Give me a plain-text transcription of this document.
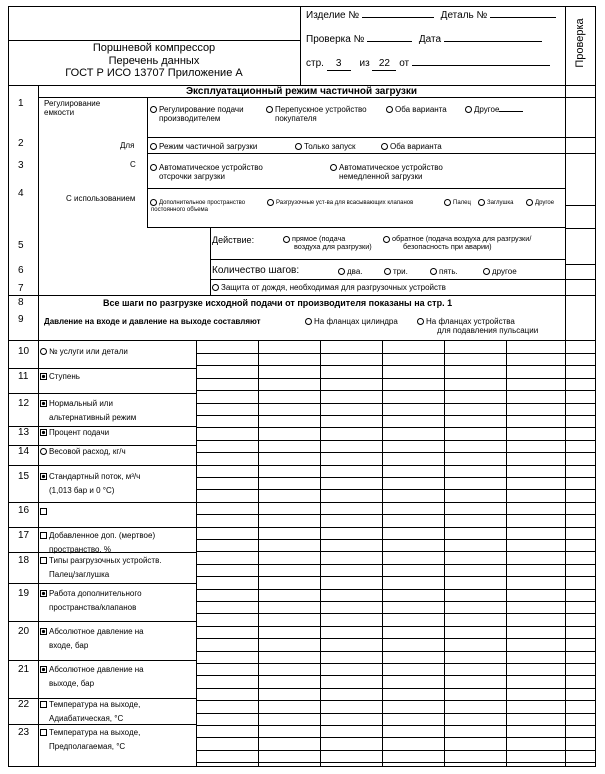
Поршневой компрессор
Перечень данных
ГОСТ Р ИСО 13707 Приложение А
Изделие №	Деталь №
Проверка №	Дата
стр. 3 из 22 от	Проверка
Эксплуатационный режим частичной загрузки
1	Регулирование
емкости	Регулирование подачи
производителем
Перепускное устройство
покупателя
Оба варианта	Другое
2	Для	Режим частичной загрузки	Только запуск	Оба варианта
3	С	Автоматическое устройство
отсрочки загрузки
Автоматическое устройство
немедленной загрузки
4	С использованием
Дополнительное пространство
постоянного объема
Разгрузочные уст-ва для всасывающих клапанов	Палец	Заглушка	Другое
5	Действие:	прямое (подача
воздуха для разгрузки)
обратное (подача воздуха для разгрузки/
безопасность при аварии)
6	Количество шагов:	два.	три.	пять.	другое
7	Защита от дождя, необходимая для разгрузочных устройств
8	Все шаги по разгрузке исходной подачи от производителя показаны на стр. 1
9	Давление на входе и давление на выходе составляют	На фланцах цилиндра	На фланцах устройства
для подавления пульсации
10	№ услуги или детали
11	Ступень
12	Нормальный или
альтернативный режим
13	Процент подачи
14	Весовой расход, кг/ч
15	Стандартный поток, м³/ч
(1,013 бар и 0 °C)
16
17	Добавленное доп. (мертвое)
пространство, %
18	Типы разгрузочных устройств.
Палец/заглушка
19	Работа дополнительного
пространства/клапанов
20	Абсолютное давление на
входе, бар
21	Абсолютное давление на
выходе, бар
22	Температура на выходе,
Адиабатическая, °C
23	Температура на выходе,
Предполагаемая, °C
